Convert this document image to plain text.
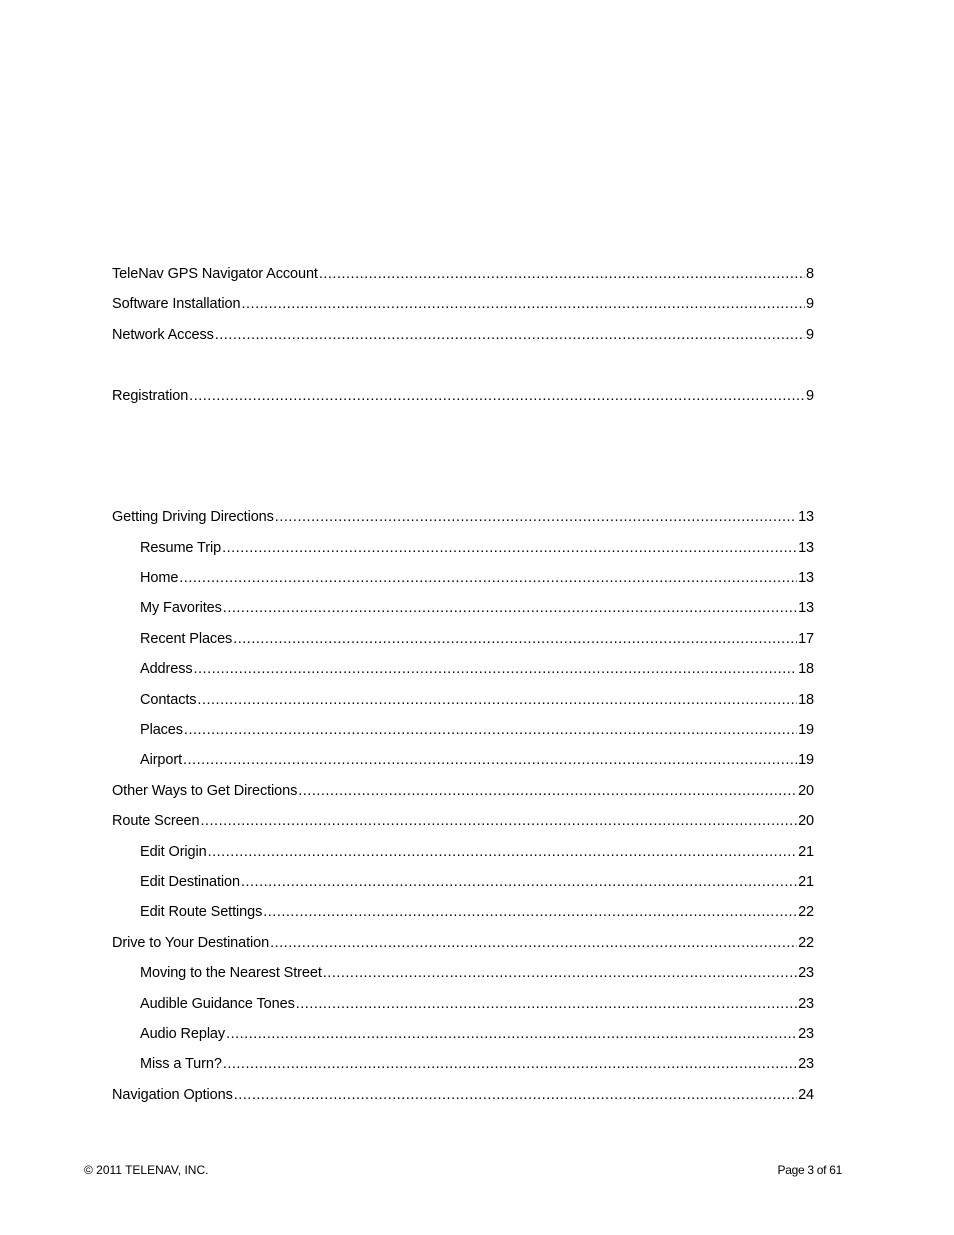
TeleNav GPS Navigator Account .....	8
Software Installation .....	9
Network Access .....	9
Registration .....	9
Getting Driving Directions .....	13
Resume Trip .....	13
Home .....	13
My Favorites .....	13
Recent Places .....	17
Address .....	18
Contacts .....	18
Places .....	19
Airport .....	19
Other Ways to Get Directions .....	20
Route Screen .....	20
Edit Origin .....	21
Edit Destination .....	21
Edit Route Settings .....	22
Drive to Your Destination .....	22
Moving to the Nearest Street .....	23
Audible Guidance Tones .....	23
Audio Replay .....	23
Miss a Turn? .....	23
Navigation Options .....	24
© 2011 TELENAV, INC.	Page 3 of 61
